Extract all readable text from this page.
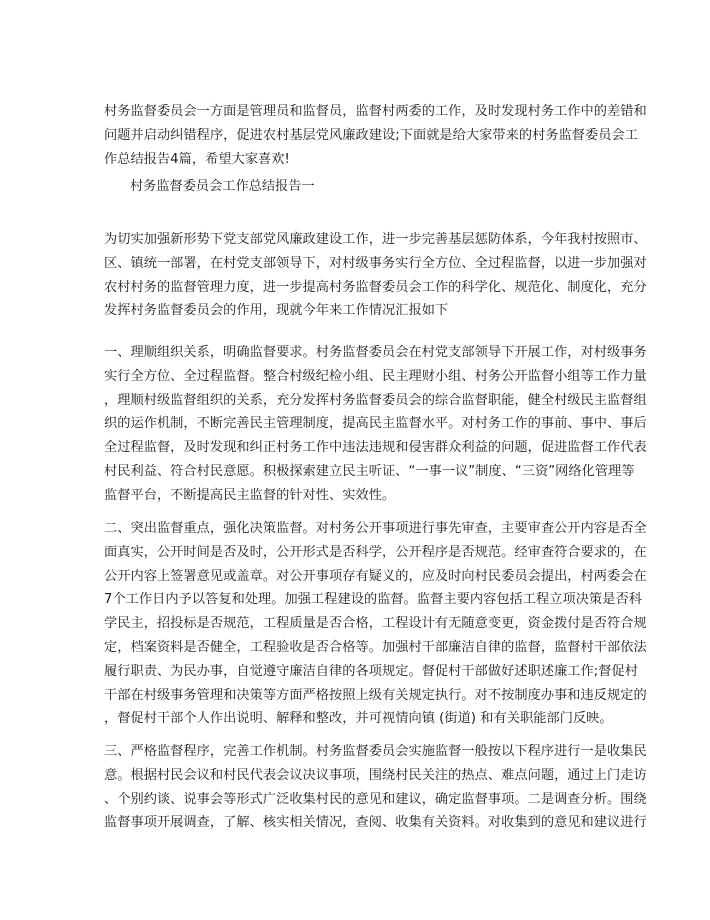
村务监督委员会一方面是管理员和监督员，监督村两委的工作，及时发现村务工作中的差错和
问题并启动纠错程序，促进农村基层党风廉政建设;下面就是给大家带来的村务监督委员会工
作总结报告4篇，希望大家喜欢!

村务监督委员会工作总结报告一

为切实加强新形势下党支部党风廉政建设工作，进一步完善基层惩防体系，今年我村按照市、
区、镇统一部署，在村党支部领导下，对村级事务实行全方位、全过程监督，以进一步加强对
农村村务的监督管理力度，进一步提高村务监督委员会工作的科学化、规范化、制度化，充分
发挥村务监督委员会的作用，现就今年来工作情况汇报如下

一、理顺组织关系，明确监督要求。村务监督委员会在村党支部领导下开展工作，对村级事务
实行全方位、全过程监督。整合村级纪检小组、民主理财小组、村务公开监督小组等工作力量
，理顺村级监督组织的关系，充分发挥村务监督委员会的综合监督职能，健全村级民主监督组
织的运作机制，不断完善民主管理制度，提高民主监督水平。对村务工作的事前、事中、事后
全过程监督，及时发现和纠正村务工作中违法违规和侵害群众利益的问题，促进监督工作代表
村民利益、符合村民意愿。积极探索建立民主听证、“一事一议”制度、“三资”网络化管理等
监督平台，不断提高民主监督的针对性、实效性。

二、突出监督重点，强化决策监督。对村务公开事项进行事先审查，主要审查公开内容是否全
面真实，公开时间是否及时，公开形式是否科学，公开程序是否规范。经审查符合要求的，在
公开内容上签署意见或盖章。对公开事项存有疑义的，应及时向村民委员会提出，村两委会在
7个工作日内予以答复和处理。加强工程建设的监督。监督主要内容包括工程立项决策是否科
学民主，招投标是否规范，工程质量是否合格，工程设计有无随意变更，资金拨付是否符合规
定，档案资料是否健全，工程验收是否合格等。加强村干部廉洁自律的监督，监督村干部依法
履行职责、为民办事，自觉遵守廉洁自律的各项规定。督促村干部做好述职述廉工作;督促村
干部在村级事务管理和决策等方面严格按照上级有关规定执行。对不按制度办事和违反规定的
，督促村干部个人作出说明、解释和整改，并可视情向镇 (街道) 和有关职能部门反映。

三、严格监督程序，完善工作机制。村务监督委员会实施监督一般按以下程序进行一是收集民
意。根据村民会议和村民代表会议决议事项，围绕村民关注的热点、难点问题，通过上门走访
、个别约谈、说事会等形式广泛收集村民的意见和建议，确定监督事项。二是调查分析。围绕
监督事项开展调查，了解、核实相关情况，查阅、收集有关资料。对收集到的意见和建议进行
